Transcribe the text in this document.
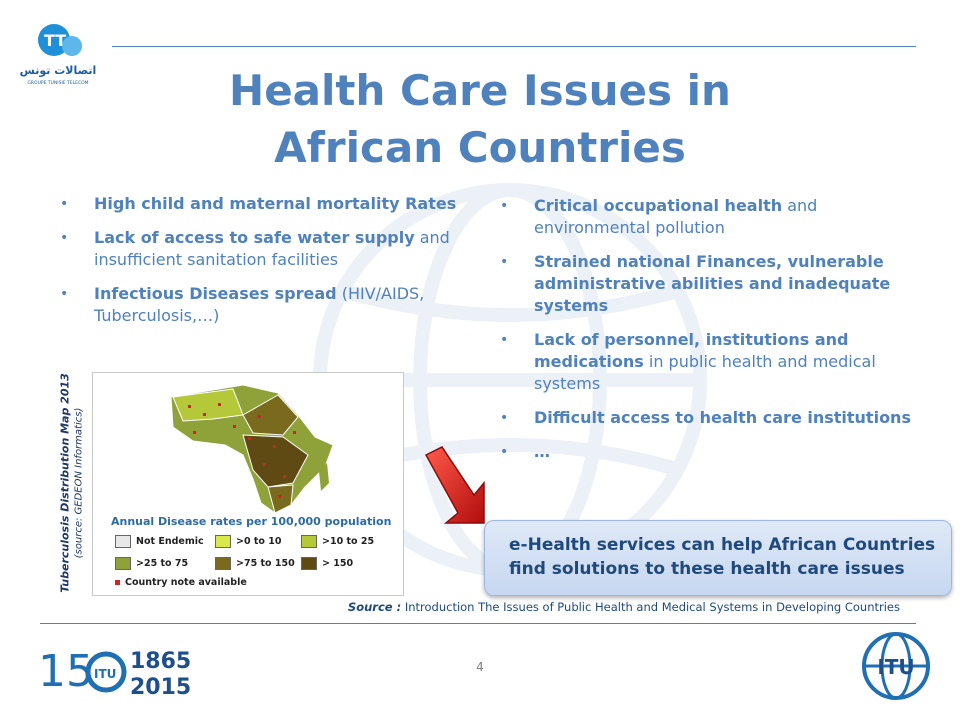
TT
اتصالات تونس
GROUPE TUNISIE TELECOM	Health Care Issues in
African Countries
• High child and maternal mortality Rates
• Lack of access to safe water supply and insufficient sanitation facilities
• Infectious Diseases spread (HIV/AIDS, Tuberculosis,…)
• Critical occupational health and environmental pollution
• Strained national Finances, vulnerable administrative abilities and inadequate systems
• Lack of personnel, institutions and medications in public health and medical systems
• Difficult access to health care institutions
• …
Tuberculosis Distribution Map 2013 (source: GEDEON Informatics) Annual Disease rates per 100,000 population
Not Endemic	>0 to 10	>10 to 25
>25 to 75	>75 to 150	> 150
Country note available
e-Health services can help African Countries find solutions to these health care issues
Source : Introduction The Issues of Public Health and Medical Systems in Developing Countries
4
15 ITU 1865
2015
ITU
